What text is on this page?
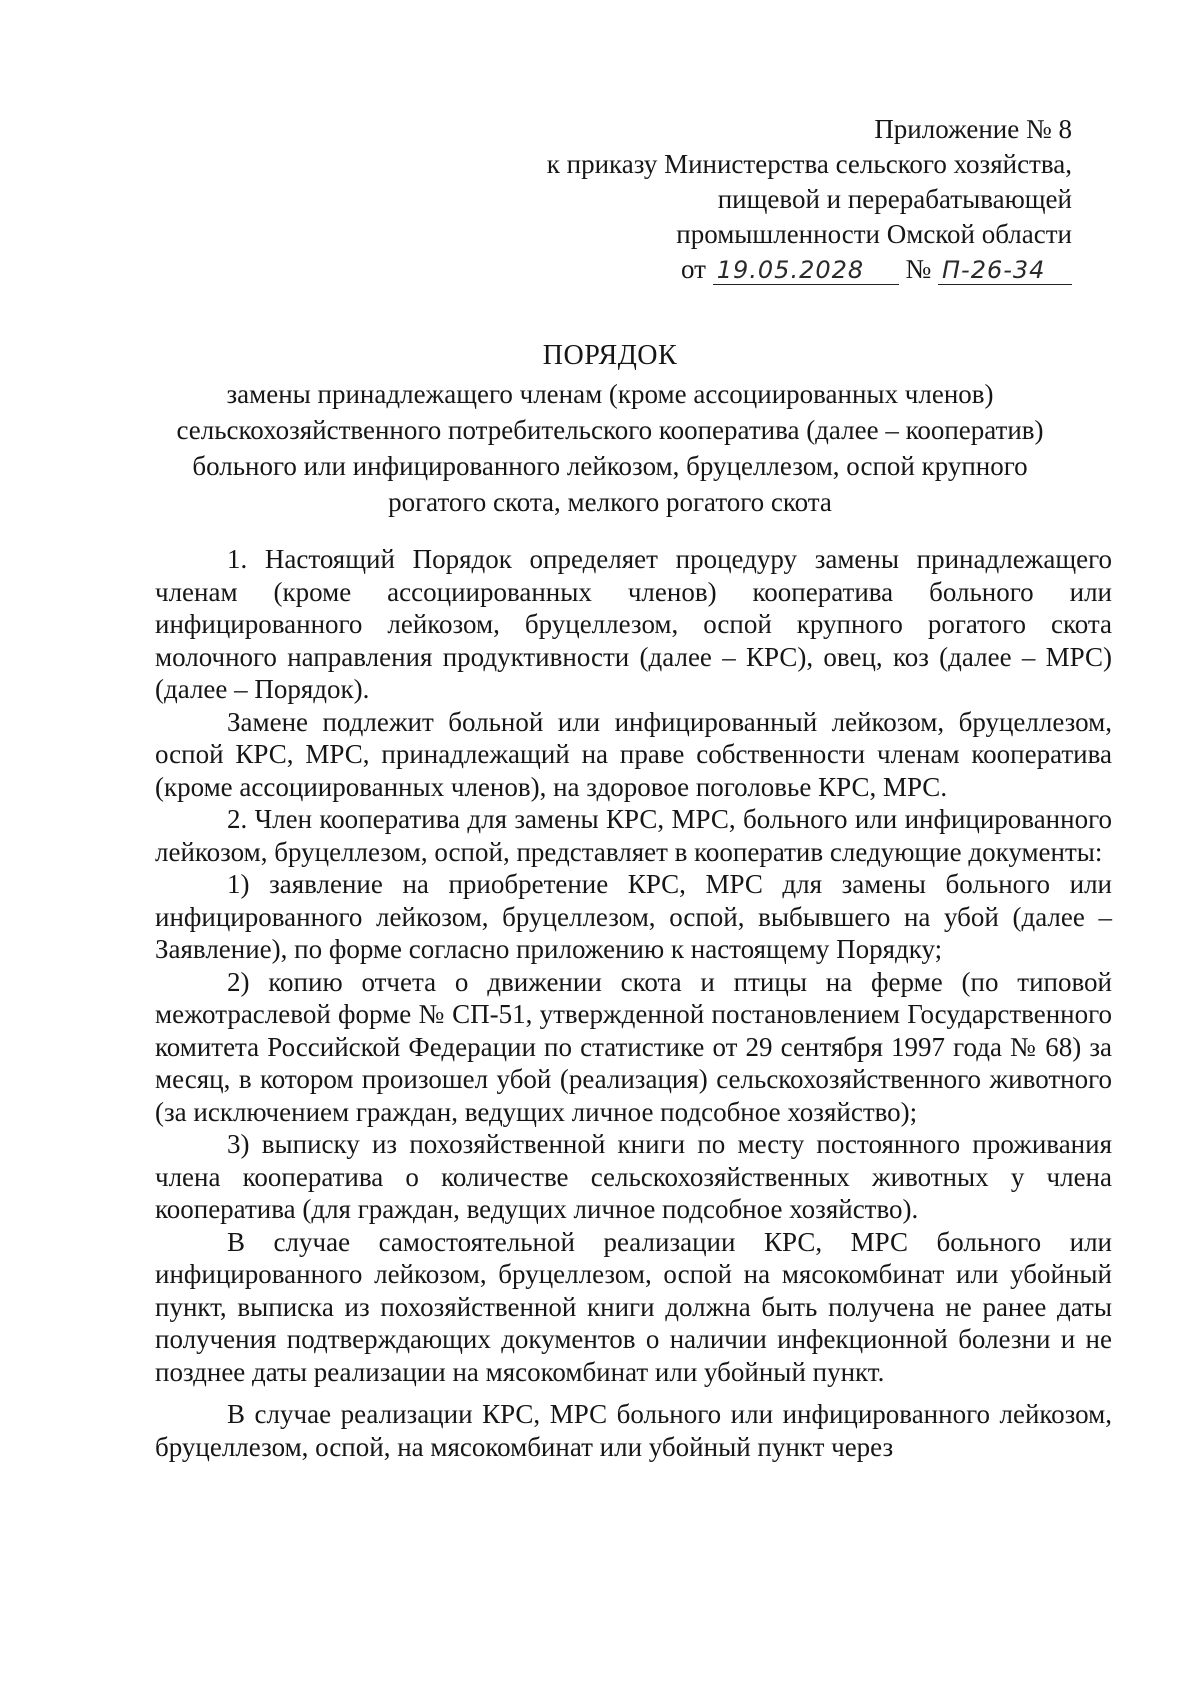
Приложение № 8
к приказу Министерства сельского хозяйства,
пищевой и перерабатывающей
промышленности Омской области
от 19.05.2028 № П-26-34
ПОРЯДОК
замены принадлежащего членам (кроме ассоциированных членов)
сельскохозяйственного потребительского кооператива (далее – кооператив)
больного или инфицированного лейкозом, бруцеллезом, оспой крупного
рогатого скота, мелкого рогатого скота

1. Настоящий Порядок определяет процедуру замены принадлежащего членам (кроме ассоциированных членов) кооператива больного или инфицированного лейкозом, бруцеллезом, оспой крупного рогатого скота молочного направления продуктивности (далее – КРС), овец, коз (далее – МРС) (далее – Порядок).

Замене подлежит больной или инфицированный лейкозом, бруцеллезом, оспой КРС, МРС, принадлежащий на праве собственности членам кооператива (кроме ассоциированных членов), на здоровое поголовье КРС, МРС.

2. Член кооператива для замены КРС, МРС, больного или инфицированного лейкозом, бруцеллезом, оспой, представляет в кооператив следующие документы:

1) заявление на приобретение КРС, МРС для замены больного или инфицированного лейкозом, бруцеллезом, оспой, выбывшего на убой (далее – Заявление), по форме согласно приложению к настоящему Порядку;

2) копию отчета о движении скота и птицы на ферме (по типовой межотраслевой форме № СП-51, утвержденной постановлением Государственного комитета Российской Федерации по статистике от 29 сентября 1997 года № 68) за месяц, в котором произошел убой (реализация) сельскохозяйственного животного (за исключением граждан, ведущих личное подсобное хозяйство);

3) выписку из похозяйственной книги по месту постоянного проживания члена кооператива о количестве сельскохозяйственных животных у члена кооператива (для граждан, ведущих личное подсобное хозяйство).

В случае самостоятельной реализации КРС, МРС больного или инфицированного лейкозом, бруцеллезом, оспой на мясокомбинат или убойный пункт, выписка из похозяйственной книги должна быть получена не ранее даты получения подтверждающих документов о наличии инфекционной болезни и не позднее даты реализации на мясокомбинат или убойный пункт.

В случае реализации КРС, МРС больного или инфицированного лейкозом, бруцеллезом, оспой, на мясокомбинат или убойный пункт через
